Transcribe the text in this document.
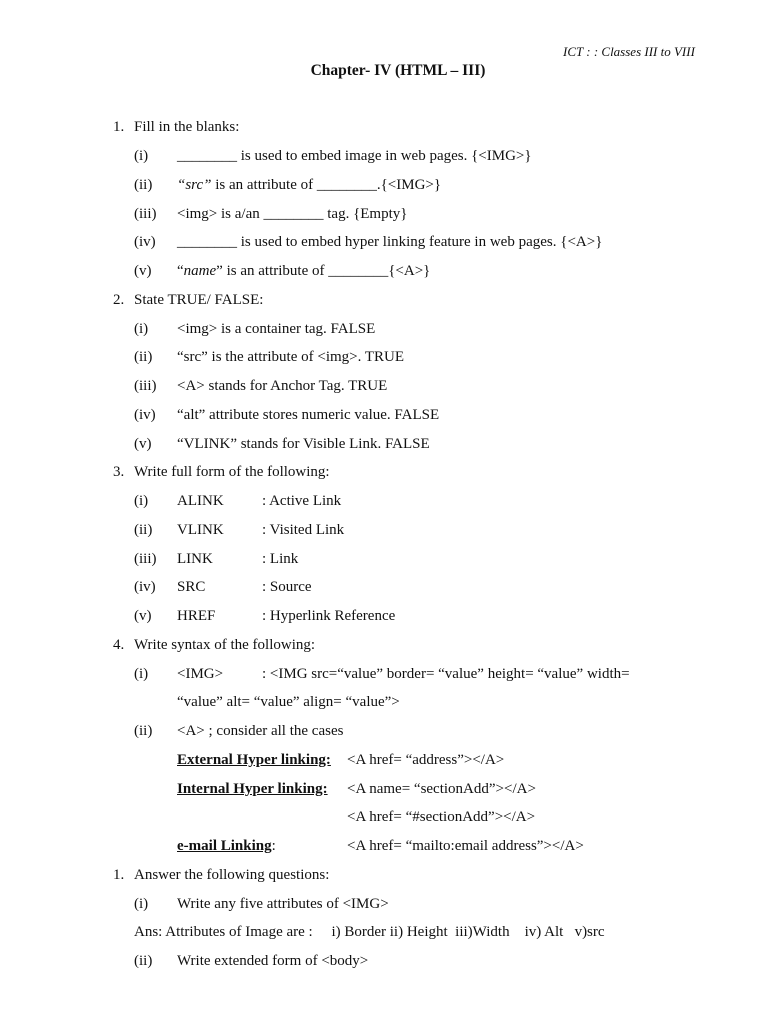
ICT : : Classes III to VIII
Chapter- IV (HTML – III)
1. Fill in the blanks:
(i) ________ is used to embed image in web pages. {<IMG>}
(ii) “src” is an attribute of ________.{<IMG>}
(iii) <img> is a/an ________ tag. {Empty}
(iv) ________ is used to embed hyper linking feature in web pages. {<A>}
(v) “name” is an attribute of ________{<A>}
2. State TRUE/ FALSE:
(i) <img> is a container tag. FALSE
(ii) “src” is the attribute of <img>. TRUE
(iii) <A> stands for Anchor Tag. TRUE
(iv) “alt” attribute stores numeric value. FALSE
(v) “VLINK” stands for Visible Link. FALSE
3. Write full form of the following:
(i) ALINK	: Active Link
(ii) VLINK	: Visited Link
(iii) LINK	: Link
(iv) SRC	: Source
(v) HREF	: Hyperlink Reference
4. Write syntax of the following:
(i) <IMG>	: <IMG src=“value” border= “value” height= “value” width=
“value” alt= “value” align= “value”>
(ii) <A> ; consider all the cases
External Hyper linking: <A href= “address”></A>
Internal Hyper linking: <A name= “sectionAdd”></A>
<A href= “#sectionAdd”></A>
e-mail Linking:	<A href= “mailto:email address”></A>
1. Answer the following questions:
(i) Write any five attributes of <IMG>
Ans: Attributes of Image are :     i) Border ii) Height  iii)Width    iv) Alt   v)src
(ii) Write extended form of <body>
